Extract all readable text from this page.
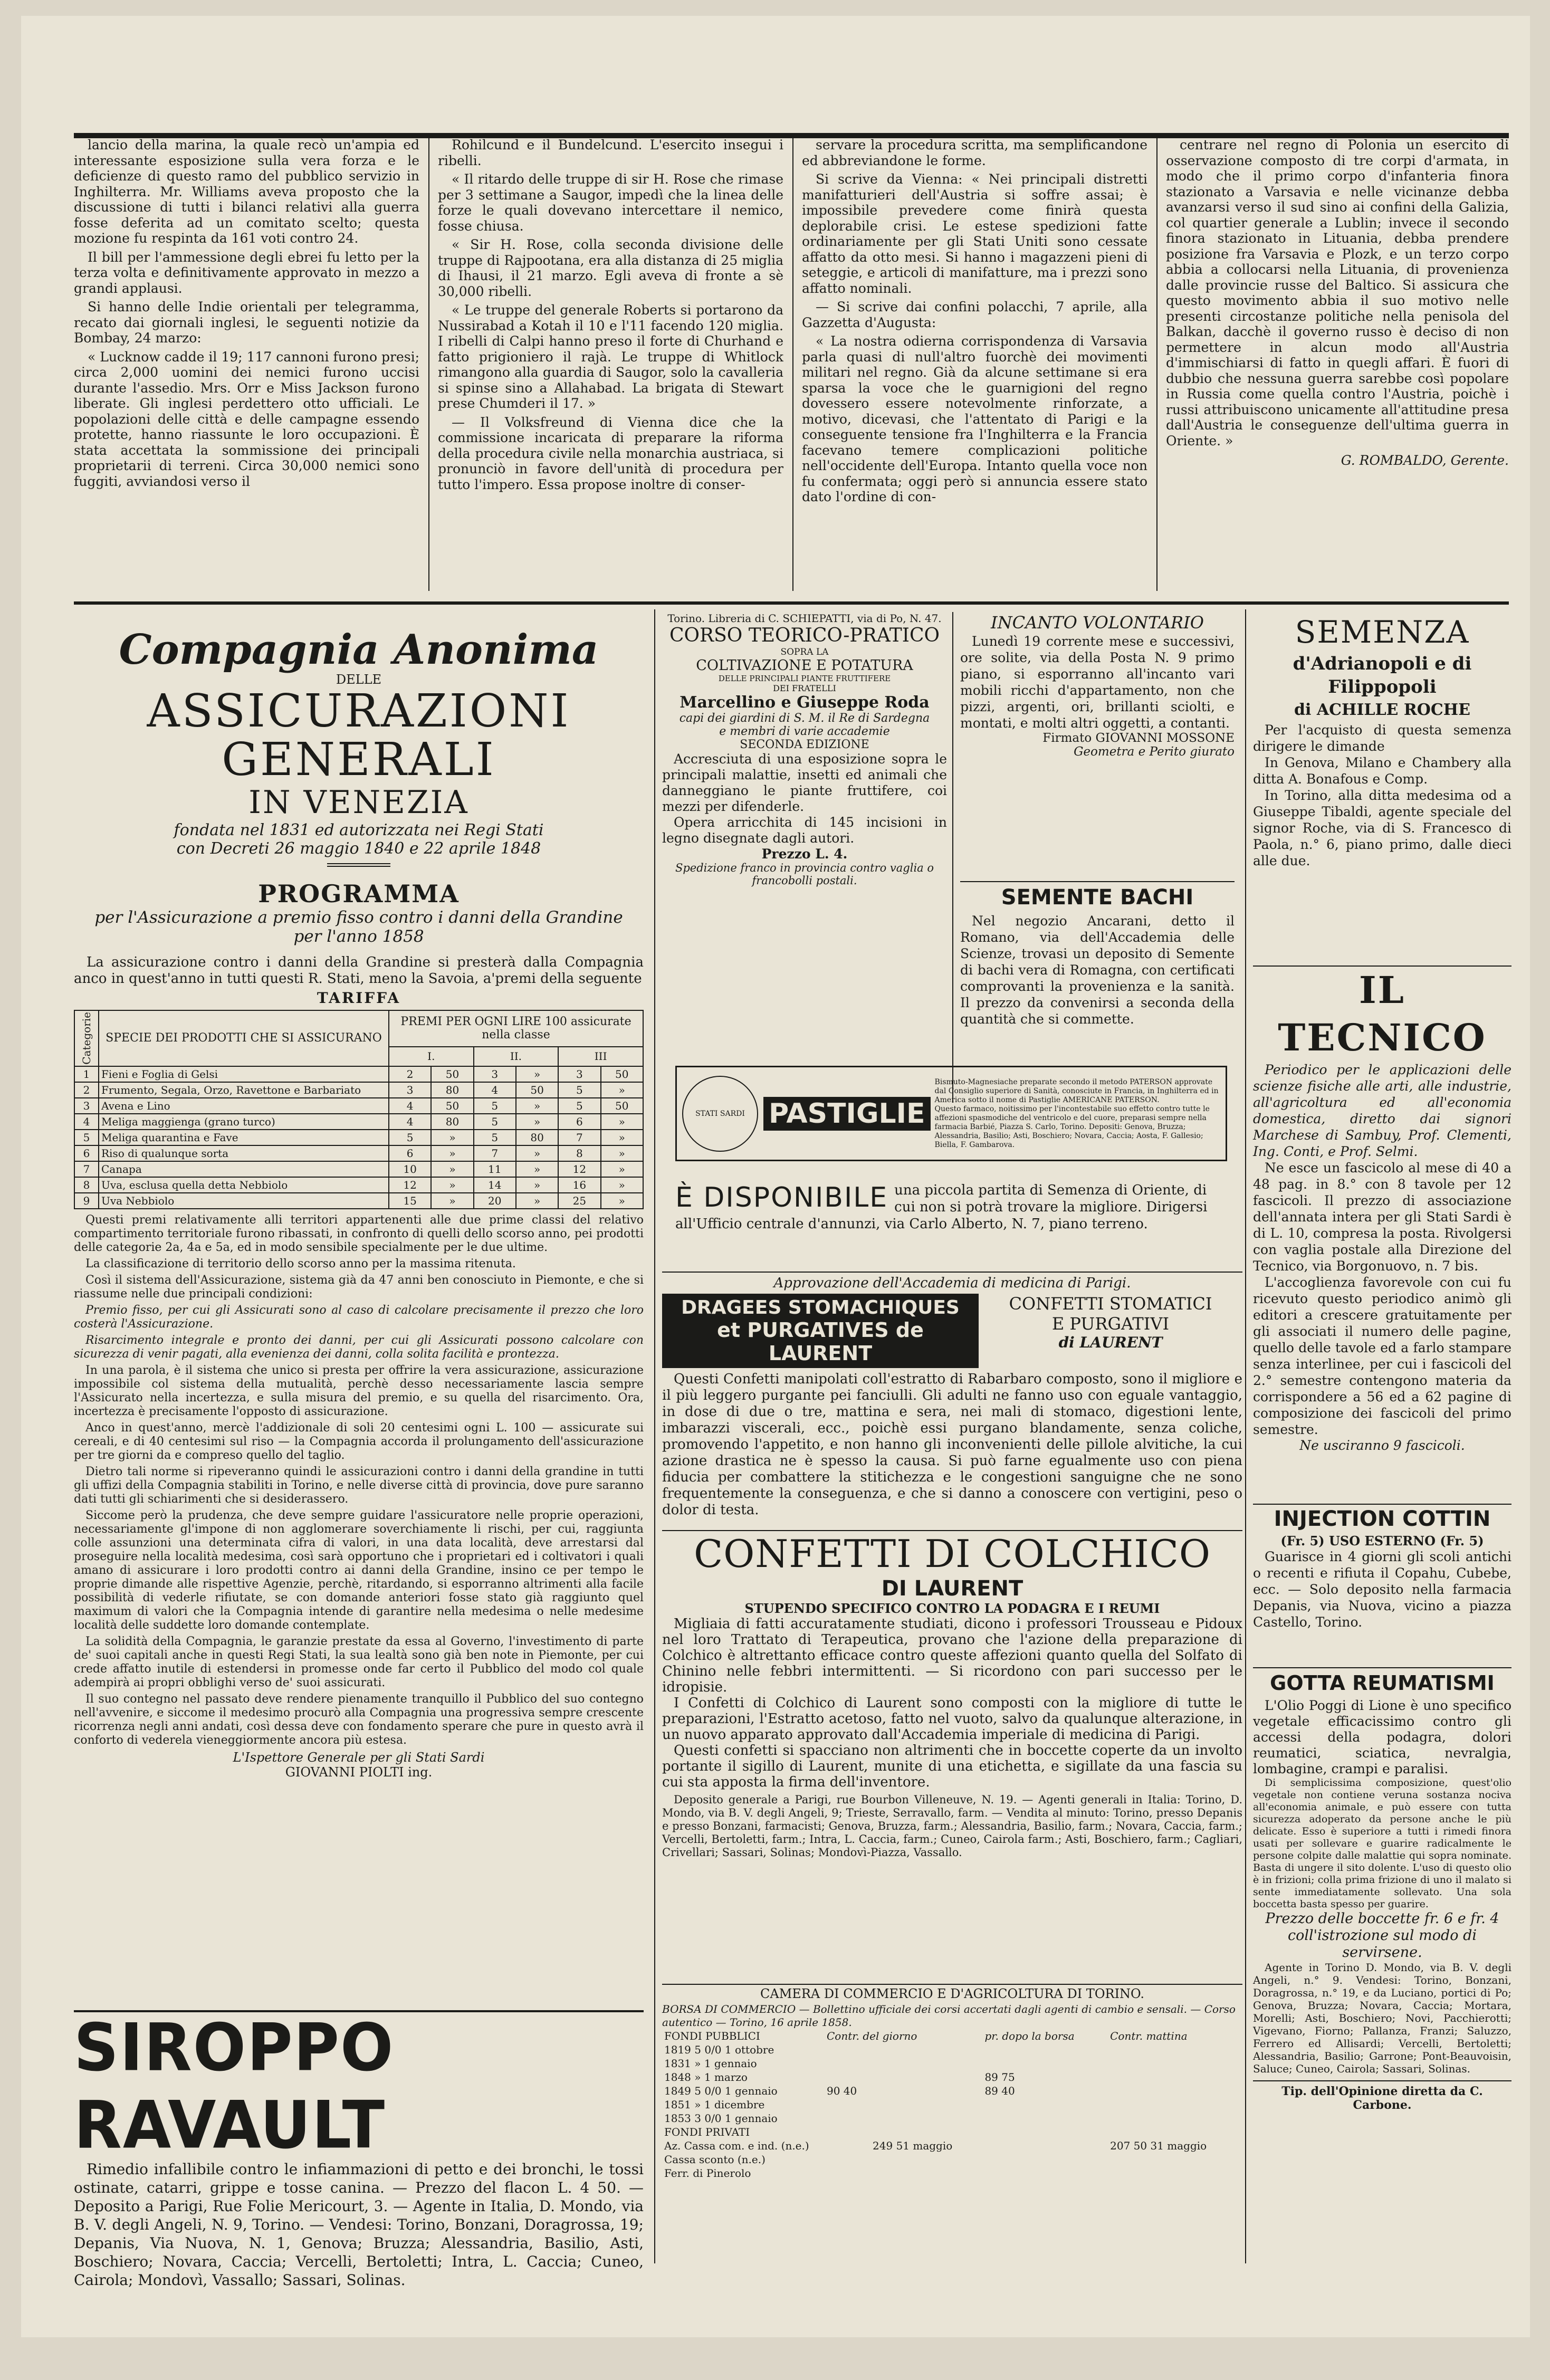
lancio della marina, la quale recò un'ampia ed interessante esposizione sulla vera forza e le deficienze di questo ramo del pubblico servizio in Inghilterra. Mr. Williams aveva proposto che la discussione di tutti i bilanci relativi alla guerra fosse deferita ad un comitato scelto; questa mozione fu respinta da 161 voti contro 24.

Il bill per l'ammessione degli ebrei fu letto per la terza volta e definitivamente approvato in mezzo a grandi applausi.

Si hanno delle Indie orientali per telegramma, recato dai giornali inglesi, le seguenti notizie da Bombay, 24 marzo:

« Lucknow cadde il 19; 117 cannoni furono presi; circa 2,000 uomini dei nemici furono uccisi durante l'assedio. Mrs. Orr e Miss Jackson furono liberate. Gli inglesi perdettero otto ufficiali. Le popolazioni delle città e delle campagne essendo protette, hanno riassunte le loro occupazioni. È stata accettata la sommissione dei principali proprietarii di terreni. Circa 30,000 nemici sono fuggiti, avviandosi verso il

Rohilcund e il Bundelcund. L'esercito insegui i ribelli.

« Il ritardo delle truppe di sir H. Rose che rimase per 3 settimane a Saugor, impedì che la linea delle forze le quali dovevano intercettare il nemico, fosse chiusa.

« Sir H. Rose, colla seconda divisione delle truppe di Rajpootana, era alla distanza di 25 miglia di Ihausi, il 21 marzo. Egli aveva di fronte a sè 30,000 ribelli.

« Le truppe del generale Roberts si portarono da Nussirabad a Kotah il 10 e l'11 facendo 120 miglia. I ribelli di Calpi hanno preso il forte di Churhand e fatto prigioniero il rajà. Le truppe di Whitlock rimangono alla guardia di Saugor, solo la cavalleria si spinse sino a Allahabad. La brigata di Stewart prese Chumderi il 17. »

— Il Volksfreund di Vienna dice che la commissione incaricata di preparare la riforma della procedura civile nella monarchia austriaca, si pronunciò in favore dell'unità di procedura per tutto l'impero. Essa propose inoltre di conser-

servare la procedura scritta, ma semplificandone ed abbreviandone le forme.

Si scrive da Vienna: « Nei principali distretti manifatturieri dell'Austria si soffre assai; è impossibile prevedere come finirà questa deplorabile crisi. Le estese spedizioni fatte ordinariamente per gli Stati Uniti sono cessate affatto da otto mesi. Si hanno i magazzeni pieni di seteggie, e articoli di manifatture, ma i prezzi sono affatto nominali.

— Si scrive dai confini polacchi, 7 aprile, alla Gazzetta d'Augusta:

« La nostra odierna corrispondenza di Varsavia parla quasi di null'altro fuorchè dei movimenti militari nel regno. Già da alcune settimane si era sparsa la voce che le guarnigioni del regno dovessero essere notevolmente rinforzate, a motivo, dicevasi, che l'attentato di Parigi e la conseguente tensione fra l'Inghilterra e la Francia facevano temere complicazioni politiche nell'occidente dell'Europa. Intanto quella voce non fu confermata; oggi però si annuncia essere stato dato l'ordine di con-

centrare nel regno di Polonia un esercito di osservazione composto di tre corpi d'armata, in modo che il primo corpo d'infanteria finora stazionato a Varsavia e nelle vicinanze debba avanzarsi verso il sud sino ai confini della Galizia, col quartier generale a Lublin; invece il secondo finora stazionato in Lituania, debba prendere posizione fra Varsavia e Plozk, e un terzo corpo abbia a collocarsi nella Lituania, di provenienza dalle provincie russe del Baltico. Si assicura che questo movimento abbia il suo motivo nelle presenti circostanze politiche nella penisola del Balkan, dacchè il governo russo è deciso di non permettere in alcun modo all'Austria d'immischiarsi di fatto in quegli affari. È fuori di dubbio che nessuna guerra sarebbe così popolare in Russia come quella contro l'Austria, poichè i russi attribuiscono unicamente all'attitudine presa dall'Austria le conseguenze dell'ultima guerra in Oriente. »

G. ROMBALDO, Gerente.
Compagnia Anonima
DELLE
ASSICURAZIONI GENERALI
IN VENEZIA
fondata nel 1831 ed autorizzata nei Regi Stati
con Decreti 26 maggio 1840 e 22 aprile 1848
PROGRAMMA
per l'Assicurazione a premio fisso contro i danni della Grandine
per l'anno 1858
La assicurazione contro i danni della Grandine si presterà dalla Compagnia anco in quest'anno in tutti questi R. Stati, meno la Savoia, a'premi della seguente
TARIFFA
Categorie	SPECIE DEI PRODOTTI CHE SI ASSICURANO	PREMI PER OGNI LIRE 100 assicurate nella classe					
		I.		II.		III	
1	Fieni e Foglia di Gelsi	2	50	3	»	3	50
2	Frumento, Segala, Orzo, Ravettone e Barbariato	3	80	4	50	5	»
3	Avena e Lino	4	50	5	»	5	50
4	Meliga maggienga (grano turco)	4	80	5	»	6	»
5	Meliga quarantina e Fave	5	»	5	80	7	»
6	Riso di qualunque sorta	6	»	7	»	8	»
7	Canapa	10	»	11	»	12	»
8	Uva, esclusa quella detta Nebbiolo	12	»	14	»	16	»
9	Uva Nebbiolo	15	»	20	»	25	»

Questi premi relativamente alli territori appartenenti alle due prime classi del relativo compartimento territoriale furono ribassati, in confronto di quelli dello scorso anno, pei prodotti delle categorie 2a, 4a e 5a, ed in modo sensibile specialmente per le due ultime.

La classificazione di territorio dello scorso anno per la massima ritenuta.

Così il sistema dell'Assicurazione, sistema già da 47 anni ben conosciuto in Piemonte, e che si riassume nelle due principali condizioni:

Premio fisso, per cui gli Assicurati sono al caso di calcolare precisamente il prezzo che loro costerà l'Assicurazione.

Risarcimento integrale e pronto dei danni, per cui gli Assicurati possono calcolare con sicurezza di venir pagati, alla evenienza dei danni, colla solita facilità e prontezza.

In una parola, è il sistema che unico si presta per offrire la vera assicurazione, assicurazione impossibile col sistema della mutualità, perchè desso necessariamente lascia sempre l'Assicurato nella incertezza, e sulla misura del premio, e su quella del risarcimento. Ora, incertezza è precisamente l'opposto di assicurazione.

Anco in quest'anno, mercè l'addizionale di soli 20 centesimi ogni L. 100 — assicurate sui cereali, e di 40 centesimi sul riso — la Compagnia accorda il prolungamento dell'assicurazione per tre giorni da e compreso quello del taglio.

Dietro tali norme si ripeveranno quindi le assicurazioni contro i danni della grandine in tutti gli uffizi della Compagnia stabiliti in Torino, e nelle diverse città di provincia, dove pure saranno dati tutti gli schiarimenti che si desiderassero.

Siccome però la prudenza, che deve sempre guidare l'assicuratore nelle proprie operazioni, necessariamente gl'impone di non agglomerare soverchiamente li rischi, per cui, raggiunta colle assunzioni una determinata cifra di valori, in una data località, deve arrestarsi dal proseguire nella località medesima, così sarà opportuno che i proprietari ed i coltivatori i quali amano di assicurare i loro prodotti contro ai danni della Grandine, insino ce per tempo le proprie dimande alle rispettive Agenzie, perchè, ritardando, si esporranno altrimenti alla facile possibilità di vederle rifiutate, se con domande anteriori fosse stato già raggiunto quel maximum di valori che la Compagnia intende di garantire nella medesima o nelle medesime località delle suddette loro domande contemplate.

La solidità della Compagnia, le garanzie prestate da essa al Governo, l'investimento di parte de' suoi capitali anche in questi Regi Stati, la sua lealtà sono già ben note in Piemonte, per cui crede affatto inutile di estendersi in promesse onde far certo il Pubblico del modo col quale adempirà ai propri obblighi verso de' suoi assicurati.

Il suo contegno nel passato deve rendere pienamente tranquillo il Pubblico del suo contegno nell'avvenire, e siccome il medesimo procurò alla Compagnia una progressiva sempre crescente ricorrenza negli anni andati, così dessa deve con fondamento sperare che pure in questo avrà il conforto di vederela vieneggiormente ancora più estesa.

L'Ispettore Generale per gli Stati Sardi
GIOVANNI PIOLTI ing.
SIROPPO RAVAULT
Rimedio infallibile contro le infiammazioni di petto e dei bronchi, le tossi ostinate, catarri, grippe e tosse canina. — Prezzo del flacon L. 4 50. — Deposito a Parigi, Rue Folie Mericourt, 3. — Agente in Italia, D. Mondo, via B. V. degli Angeli, N. 9, Torino. — Vendesi: Torino, Bonzani, Doragrossa, 19; Depanis, Via Nuova, N. 1, Genova; Bruzza; Alessandria, Basilio, Asti, Boschiero; Novara, Caccia; Vercelli, Bertoletti; Intra, L. Caccia; Cuneo, Cairola; Mondovì, Vassallo; Sassari, Solinas.
Torino. Libreria di C. SCHIEPATTI, via di Po, N. 47.
CORSO TEORICO-PRATICO
SOPRA LA
COLTIVAZIONE E POTATURA
DELLE PRINCIPALI PIANTE FRUTTIFERE
DEI FRATELLI
Marcellino e Giuseppe Roda
capi dei giardini di S. M. il Re di Sardegna
e membri di varie accademie
SECONDA EDIZIONE
Accresciuta di una esposizione sopra le principali malattie, insetti ed animali che danneggiano le piante fruttifere, coi mezzi per difenderle.
Opera arricchita di 145 incisioni in legno disegnate dagli autori.
Prezzo L. 4.
Spedizione franco in provincia contro vaglia o francobolli postali.
INCANTO VOLONTARIO
Lunedì 19 corrente mese e successivi, ore solite, via della Posta N. 9 primo piano, si esporranno all'incanto vari mobili ricchi d'appartamento, non che pizzi, argenti, ori, brillanti sciolti, e montati, e molti altri oggetti, a contanti.
Firmato GIOVANNI MOSSONE
Geometra e Perito giurato
SEMENTE BACHI
Nel negozio Ancarani, detto il Romano, via dell'Accademia delle Scienze, trovasi un deposito di Semente di bachi vera di Romagna, con certificati comprovanti la provenienza e la sanità. Il prezzo da convenirsi a seconda della quantità che si commette.
STATI SARDI PASTIGLIE
Bismuto-Magnesiache preparate secondo il metodo PATERSON approvate dal Consiglio superiore di Sanità, conosciute in Francia, in Inghilterra ed in America sotto il nome di Pastiglie AMERICANE PATERSON.
Questo farmaco, noitissimo per l'incontestabile suo effetto contro tutte le affezioni spasmodiche del ventricolo e del cuore, preparasi sempre nella farmacia Barbié, Piazza S. Carlo, Torino. Depositi: Genova, Bruzza; Alessandria, Basilio; Asti, Boschiero; Novara, Caccia; Aosta, F. Gallesio; Biella, F. Gambarova.
È DISPONIBILE una piccola partita di Semenza di Oriente, di cui non si potrà trovare la migliore. Dirigersi all'Ufficio centrale d'annunzi, via Carlo Alberto, N. 7, piano terreno.
Approvazione dell'Accademia di medicina di Parigi.
DRAGEES STOMACHIQUES
et PURGATIVES de LAURENT
CONFETTI STOMATICI
E PURGATIVI
di LAURENT
Questi Confetti manipolati coll'estratto di Rabarbaro composto, sono il migliore e il più leggero purgante pei fanciulli. Gli adulti ne fanno uso con eguale vantaggio, in dose di due o tre, mattina e sera, nei mali di stomaco, digestioni lente, imbarazzi viscerali, ecc., poichè essi purgano blandamente, senza coliche, promovendo l'appetito, e non hanno gli inconvenienti delle pillole alvitiche, la cui azione drastica ne è spesso la causa. Si può farne egualmente uso con piena fiducia per combattere la stitichezza e le congestioni sanguigne che ne sono frequentemente la conseguenza, e che si danno a conoscere con vertigini, peso o dolor di testa.
CONFETTI DI COLCHICO
DI LAURENT
STUPENDO SPECIFICO CONTRO LA PODAGRA E I REUMI
Migliaia di fatti accuratamente studiati, dicono i professori Trousseau e Pidoux nel loro Trattato di Terapeutica, provano che l'azione della preparazione di Colchico è altrettanto efficace contro queste affezioni quanto quella del Solfato di Chinino nelle febbri intermittenti. — Si ricordono con pari successo per le idropisie.
I Confetti di Colchico di Laurent sono composti con la migliore di tutte le preparazioni, l'Estratto acetoso, fatto nel vuoto, salvo da qualunque alterazione, in un nuovo apparato approvato dall'Accademia imperiale di medicina di Parigi.
Questi confetti si spacciano non altrimenti che in boccette coperte da un involto portante il sigillo di Laurent, munite di una etichetta, e sigillate da una fascia su cui sta apposta la firma dell'inventore.
Deposito generale a Parigi, rue Bourbon Villeneuve, N. 19. — Agenti generali in Italia: Torino, D. Mondo, via B. V. degli Angeli, 9; Trieste, Serravallo, farm. — Vendita al minuto: Torino, presso Depanis e presso Bonzani, farmacisti; Genova, Bruzza, farm.; Alessandria, Basilio, farm.; Novara, Caccia, farm.; Vercelli, Bertoletti, farm.; Intra, L. Caccia, farm.; Cuneo, Cairola farm.; Asti, Boschiero, farm.; Cagliari, Crivellari; Sassari, Solinas; Mondovì-Piazza, Vassallo.
CAMERA DI COMMERCIO E D'AGRICOLTURA DI TORINO.
BORSA DI COMMERCIO — Bollettino ufficiale dei corsi accertati dagli agenti di cambio e sensali. — Corso autentico — Torino, 16 aprile 1858.
FONDI PUBBLICI	Contr. del giorno		pr. dopo la borsa	Contr. mattina
1819 5 0/0 1 ottobre				
1831 » 1 gennaio				
1848 » 1 marzo			89 75	
1849 5 0/0 1 gennaio	90 40		89 40	
1851 » 1 dicembre				
1853 3 0/0 1 gennaio				
FONDI PRIVATI				
Az. Cassa com. e ind. (n.e.)		249 51 maggio		207 50 31 maggio
Cassa sconto (n.e.)				
Ferr. di Pinerolo				
SEMENZA
d'Adrianopoli e di Filippopoli
di ACHILLE ROCHE
Per l'acquisto di questa semenza dirigere le dimande
In Genova, Milano e Chambery alla ditta A. Bonafous e Comp.
In Torino, alla ditta medesima od a Giuseppe Tibaldi, agente speciale del signor Roche, via di S. Francesco di Paola, n.° 6, piano primo, dalle dieci alle due.
IL TECNICO
Periodico per le applicazioni delle scienze fisiche alle arti, alle industrie, all'agricoltura ed all'economia domestica, diretto dai signori Marchese di Sambuy, Prof. Clementi, Ing. Conti, e Prof. Selmi.
Ne esce un fascicolo al mese di 40 a 48 pag. in 8.° con 8 tavole per 12 fascicoli. Il prezzo di associazione dell'annata intera per gli Stati Sardi è di L. 10, compresa la posta. Rivolgersi con vaglia postale alla Direzione del Tecnico, via Borgonuovo, n. 7 bis.
L'accoglienza favorevole con cui fu ricevuto questo periodico animò gli editori a crescere gratuitamente per gli associati il numero delle pagine, quello delle tavole ed a farlo stampare senza interlinee, per cui i fascicoli del 2.° semestre contengono materia da corrispondere a 56 ed a 62 pagine di composizione dei fascicoli del primo semestre.
Ne usciranno 9 fascicoli.
INJECTION COTTIN
(Fr. 5) USO ESTERNO (Fr. 5)
Guarisce in 4 giorni gli scoli antichi o recenti e rifiuta il Copahu, Cubebe, ecc. — Solo deposito nella farmacia Depanis, via Nuova, vicino a piazza Castello, Torino.
GOTTA REUMATISMI
L'Olio Poggi di Lione è uno specifico vegetale efficacissimo contro gli accessi della podagra, dolori reumatici, sciatica, nevralgia, lombagine, crampi e paralisi.
Di semplicissima composizione, quest'olio vegetale non contiene veruna sostanza nociva all'economia animale, e può essere con tutta sicurezza adoperato da persone anche le più delicate. Esso è superiore a tutti i rimedi finora usati per sollevare e guarire radicalmente le persone colpite dalle malattie qui sopra nominate. Basta di ungere il sito dolente. L'uso di questo olio è in frizioni; colla prima frizione di uno il malato si sente immediatamente sollevato. Una sola boccetta basta spesso per guarire.
Prezzo delle boccette fr. 6 e fr. 4 coll'istrozione sul modo di servirsene.
Agente in Torino D. Mondo, via B. V. degli Angeli, n.° 9. Vendesi: Torino, Bonzani, Doragrossa, n.° 19, e da Luciano, portici di Po; Genova, Bruzza; Novara, Caccia; Mortara, Morelli; Asti, Boschiero; Novi, Pacchierotti; Vigevano, Fiorno; Pallanza, Franzi; Saluzzo, Ferrero ed Allisardi; Vercelli, Bertoletti; Alessandria, Basilio; Garrone; Pont-Beauvoisin, Saluce; Cuneo, Cairola; Sassari, Solinas.
Tip. dell'Opinione diretta da C. Carbone.
